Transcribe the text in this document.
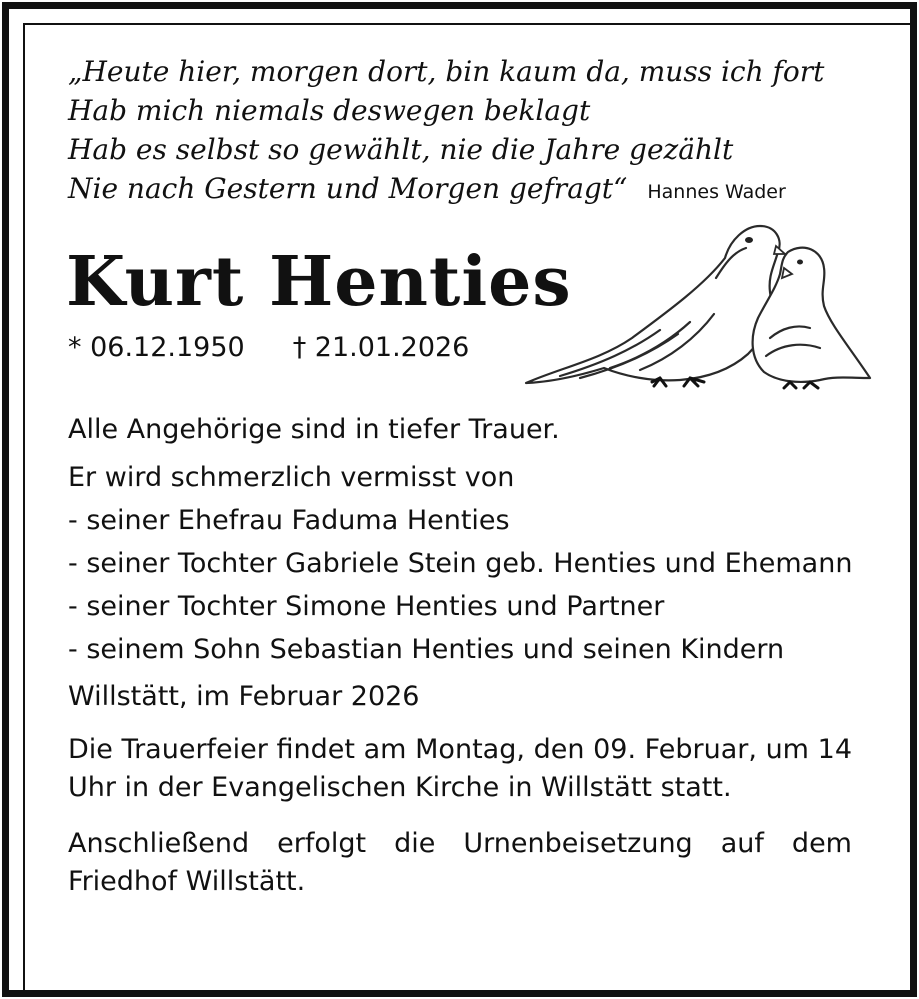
„Heute hier, morgen dort, bin kaum da, muss ich fort
Hab mich niemals deswegen beklagt
Hab es selbst so gewählt, nie die Jahre gezählt
Nie nach Gestern und Morgen gefragt“ Hannes Wader
Kurt Henties
* 06.12.1950 † 21.01.2026

Alle Angehörige sind in tiefer Trauer.

Er wird schmerzlich vermisst von
- seiner Ehefrau Faduma Henties
- seiner Tochter Gabriele Stein geb. Henties und Ehemann
- seiner Tochter Simone Henties und Partner
- seinem Sohn Sebastian Henties und seinen Kindern

Willstätt, im Februar 2026

Die Trauerfeier findet am Montag, den 09. Februar, um 14 Uhr in der Evangelischen Kirche in Willstätt statt.

Anschließend erfolgt die Urnenbeisetzung auf dem Friedhof Willstätt.
